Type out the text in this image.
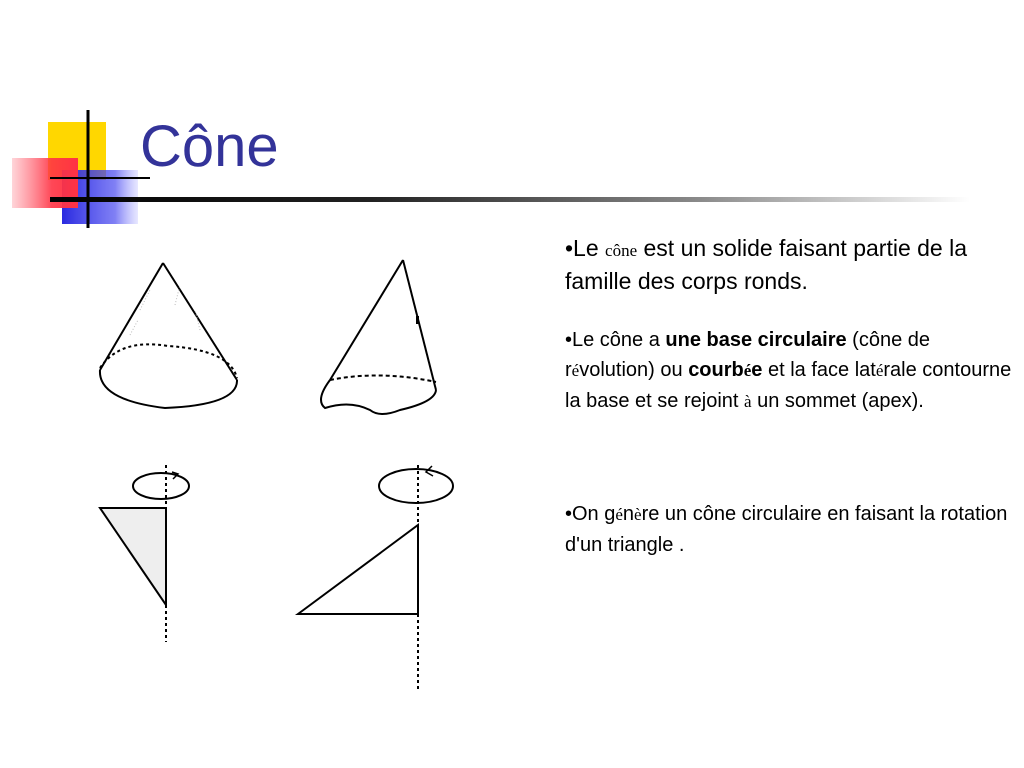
Cône

•Le cône est un solide faisant partie de la famille des corps ronds.

•Le cône a une base circulaire (cône de révolution) ou courbée et la face latérale contourne la base et se rejoint à un sommet (apex).

•On génère un cône circulaire en faisant la rotation d'un triangle .
